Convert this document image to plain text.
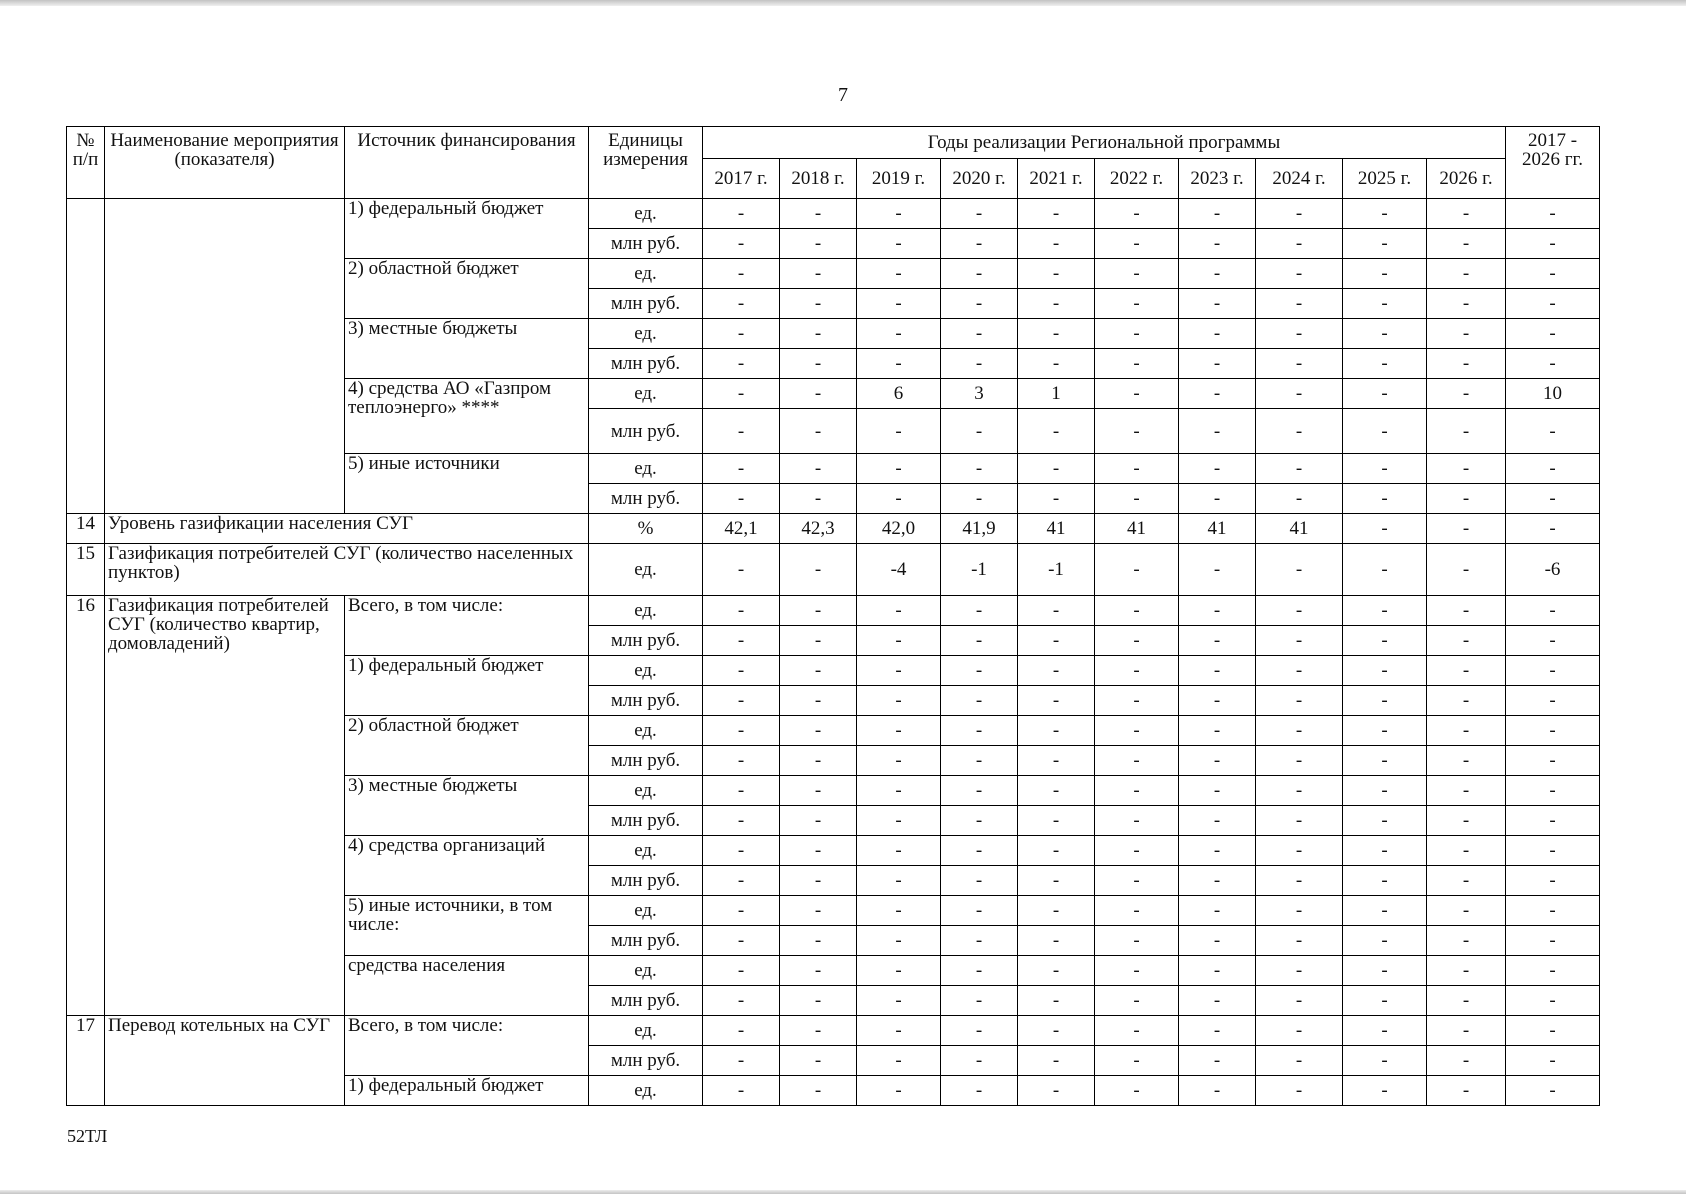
7
№ п/п	Наименование мероприятия (показателя)	Источник финансирования	Единицы измерения	Годы реализации Региональной программы										2017 - 2026 гг.
				2017 г.	2018 г.	2019 г.	2020 г.	2021 г.	2022 г.	2023 г.	2024 г.	2025 г.	2026 г.	
		1) федеральный бюджет	ед.	-	-	-	-	-	-	-	-	-	-	-
			млн руб.	-	-	-	-	-	-	-	-	-	-	-
		2) областной бюджет	ед.	-	-	-	-	-	-	-	-	-	-	-
			млн руб.	-	-	-	-	-	-	-	-	-	-	-
		3) местные бюджеты	ед.	-	-	-	-	-	-	-	-	-	-	-
			млн руб.	-	-	-	-	-	-	-	-	-	-	-
		4) средства АО «Газпром теплоэнерго» ****	ед.	-	-	6	3	1	-	-	-	-	-	10
			млн руб.	-	-	-	-	-	-	-	-	-	-	-
		5) иные источники	ед.	-	-	-	-	-	-	-	-	-	-	-
			млн руб.	-	-	-	-	-	-	-	-	-	-	-
14	Уровень газификации населения СУГ		%	42,1	42,3	42,0	41,9	41	41	41	41	-	-	-
15	Газификация потребителей СУГ (количество населенных пунктов)		ед.	-	-	-4	-1	-1	-	-	-	-	-	-6
16	Газификация потребителей СУГ (количество квартир, домовладений)	Всего, в том числе:	ед.	-	-	-	-	-	-	-	-	-	-	-
			млн руб.	-	-	-	-	-	-	-	-	-	-	-
		1) федеральный бюджет	ед.	-	-	-	-	-	-	-	-	-	-	-
			млн руб.	-	-	-	-	-	-	-	-	-	-	-
		2) областной бюджет	ед.	-	-	-	-	-	-	-	-	-	-	-
			млн руб.	-	-	-	-	-	-	-	-	-	-	-
		3) местные бюджеты	ед.	-	-	-	-	-	-	-	-	-	-	-
			млн руб.	-	-	-	-	-	-	-	-	-	-	-
		4) средства организаций	ед.	-	-	-	-	-	-	-	-	-	-	-
			млн руб.	-	-	-	-	-	-	-	-	-	-	-
		5) иные источники, в том числе:	ед.	-	-	-	-	-	-	-	-	-	-	-
			млн руб.	-	-	-	-	-	-	-	-	-	-	-
		средства населения	ед.	-	-	-	-	-	-	-	-	-	-	-
			млн руб.	-	-	-	-	-	-	-	-	-	-	-
17	Перевод котельных на СУГ	Всего, в том числе:	ед.	-	-	-	-	-	-	-	-	-	-	-
			млн руб.	-	-	-	-	-	-	-	-	-	-	-
		1) федеральный бюджет	ед.	-	-	-	-	-	-	-	-	-	-	-
52ТЛ
